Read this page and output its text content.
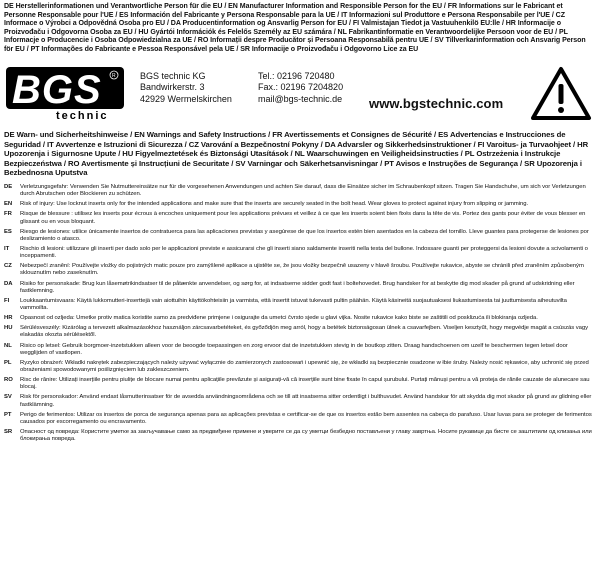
DE Herstellerinformationen und Verantwortliche Person für die EU / EN Manufacturer Information and Responsible Person for the EU / FR Informations sur le Fabricant et Personne Responsable pour l'UE / ES Información del Fabricante y Persona Responsable para la UE / IT Informazioni sul Produttore e Persona Responsabile per l'UE / CZ Informace o Výrobci a Odpovědná Osoba pro EU / DA Producentinformation og Ansvarlig Person for EU / FI Valmistajan Tiedot ja Vastuuhenkilö EU:lle / HR Informacije o Proizvođaču i Odgovorna Osoba za EU / HU Gyártói Információk és Felelős Személy az EU számára / NL Fabrikantinformatie en Verantwoordelijke Persoon voor de EU / PL Informacje o Producencie i Osoba Odpowiedzialna za UE / RO Informații despre Producător și Persoana Responsabilă pentru UE / SV Tillverkarinformation och Ansvarig Person för EU / PT Informações do Fabricante e Pessoa Responsável pela UE / SR Informacije o Proizvođaču i Odgovorno Lice za EU
BGS R
technic
BGS technic KG
Bandwirkerstr. 3
42929 Wermelskirchen
Tel.: 02196 720480
Fax.: 02196 7204820
mail@bgs-technic.de www.bgstechnic.com
DE Warn- und Sicherheitshinweise / EN Warnings and Safety Instructions / FR Avertissements et Consignes de Sécurité / ES Advertencias e Instrucciones de Seguridad / IT Avvertenze e Istruzioni di Sicurezza / CZ Varování a Bezpečnostní Pokyny / DA Advarsler og Sikkerhedsinstruktioner / FI Varoitus- ja Turvaohjeet / HR Upozorenja i Sigurnosne Upute / HU Figyelmeztetések és Biztonsági Utasítások / NL Waarschuwingen en Veiligheidsinstructies / PL Ostrzeżenia i Instrukcje Bezpieczeństwa / RO Avertismente și Instrucțiuni de Securitate / SV Varningar och Säkerhetsanvisningar / PT Avisos e Instruções de Segurança / SR Upozorenja i Bezbednosna Uputstva
DE	Verletzungsgefahr: Verwenden Sie Nutmuttereinsätze nur für die vorgesehenen Anwendungen und achten Sie darauf, dass die Einsätze sicher im Schraubenkopf sitzen. Tragen Sie Handschuhe, um sich vor Verletzungen durch Abrutschen oder Blockieren zu schützen.
EN	Risk of injury: Use locknut inserts only for the intended applications and make sure that the inserts are securely seated in the bolt head. Wear gloves to protect against injury from slipping or jamming.
FR	Risque de blessure : utilisez les inserts pour écrous à encoches uniquement pour les applications prévues et veillez à ce que les inserts soient bien fixés dans la tête de vis. Portez des gants pour éviter de vous blesser en glissant ou en vous bloquant.
ES	Riesgo de lesiones: utilice únicamente insertos de contratuerca para las aplicaciones previstas y asegúrese de que los insertos estén bien asentados en la cabeza del tornillo. Lleve guantes para protegerse de lesiones por deslizamiento o atasco.
IT	Rischio di lesioni: utilizzare gli inserti per dado solo per le applicazioni previste e assicurarsi che gli inserti siano saldamente inseriti nella testa del bullone. Indossare guanti per proteggersi da lesioni dovute a scivolamenti o inceppamenti.
CZ	Nebezpečí zranění: Používejte vložky do pojistných matic pouze pro zamýšlené aplikace a ujistěte se, že jsou vložky bezpečně usazeny v hlavě šroubu. Používejte rukavice, abyste se chránili před zraněním způsobeným sklouznutím nebo zaseknutím.
DA	Risiko for personskade: Brug kun låsemøtrikindsatser til de påtænkte anvendelser, og sørg for, at indsatserne sidder godt fast i boltehovedet. Brug handsker for at beskytte dig mod skader på grund af udskridning eller fastklemning.
FI	Loukkaantumisvaara: Käytä lukkomutteri-inserttejä vain aiottuihin käyttökohteisiin ja varmista, että insertit istuvat tukevasti pultin päähän. Käytä käsineitä suojautuaksesi liukastumisesta tai juuttumisesta aiheutuvilta vammoilta.
HR	Opasnost od ozljeda: Umetke protiv matica koristite samo za predviđene primjene i osigurajte da umetci čvrsto sjede u glavi vijka. Nosite rukavice kako biste se zaštitili od posklizuća ili blokiranja ozljeda.
HU	Sérülésveszély: Kizárólag a tervezett alkalmazásokhoz használjon zárcsavarbetéteket, és győződjön meg arról, hogy a betétek biztonságosan ülnek a csavarfejben. Viseljen kesztyűt, hogy megvédje magát a csúszás vagy elakadás okozta sérülésektől.
NL	Risico op letsel: Gebruik borgmoer-inzetstukken alleen voor de beoogde toepassingen en zorg ervoor dat de inzetstukken stevig in de boutkop zitten. Draag handschoenen om uzelf te beschermen tegen letsel door wegglijden of vastlopen.
PL	Ryzyko obrażeń: Wkładki nakrętek zabezpieczających należy używać wyłącznie do zamierzonych zastosowań i upewnić się, że wkładki są bezpiecznie osadzone w łbie śruby. Należy nosić rękawice, aby uchronić się przed obrażeniami spowodowanymi poślizgnięciem lub zakleszczeniem.
RO	Risc de rănire: Utilizați inserțiile pentru piulițe de blocare numai pentru aplicațiile prevăzute și asigurați-vă că inserțiile sunt bine fixate în capul șurubului. Purtați mănuși pentru a vă proteja de rănile cauzate de alunecare sau blocaj.
SV	Risk för personskador: Använd endast låsmutterinsatser för de avsedda användningsområdena och se till att insatserna sitter ordentligt i bulthuvudet. Använd handskar för att skydda dig mot skador på grund av glidning eller fastklämning.
PT	Perigo de ferimentos: Utilizar os insertos de porca de segurança apenas para as aplicações previstas e certificar-se de que os insertos estão bem assentes na cabeça do parafuso. Usar luvas para se proteger de ferimentos causados por escorregamento ou encravamento.
SR	Опасност од повреда: Користите уметке за закључавање само за предвиђене примене и уверите се да су уметци безбедно постављени у главу завртња. Носите рукавице да бисте се заштитили од клизања или блокирања повреда.
